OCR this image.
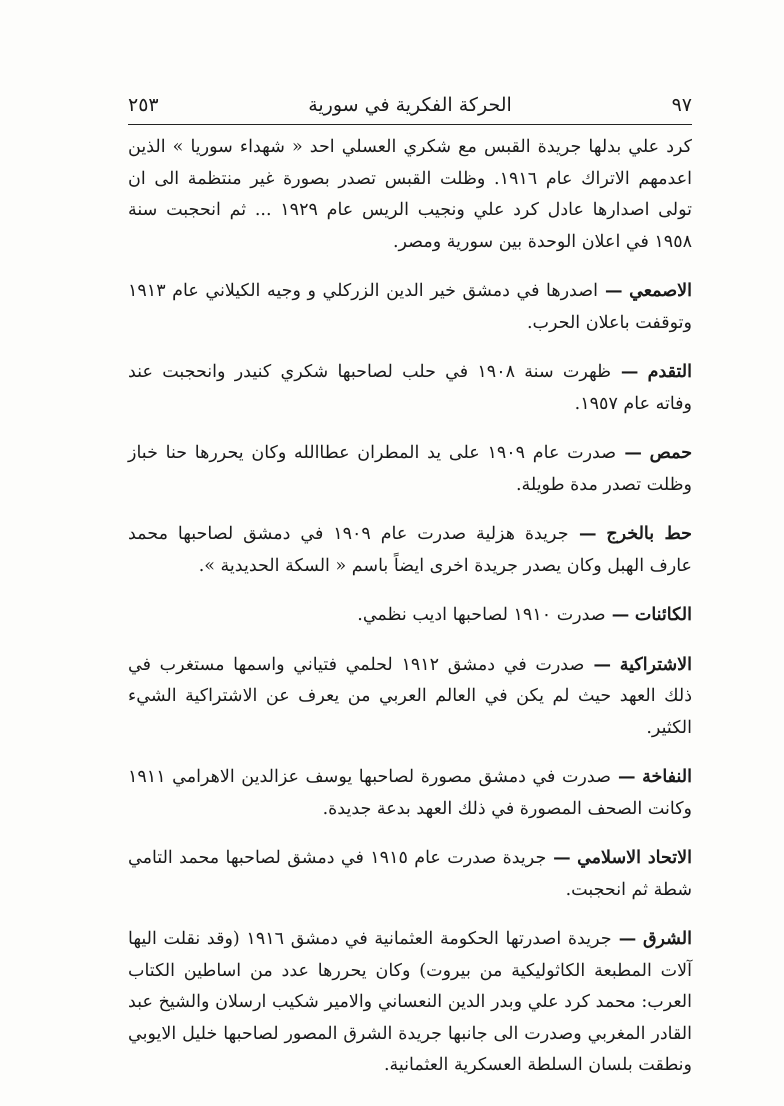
٢٥٣	الحركة الفكرية في سورية	٩٧

كرد علي بدلها جريدة القبس مع شكري العسلي احد « شهداء سوريا » الذين اعدمهم الاتراك عام ١٩١٦. وظلت القبس تصدر بصورة غير منتظمة الى ان تولى اصدارها عادل كرد علي ونجيب الريس عام ١٩٢٩ ... ثم انحجبت سنة ١٩٥٨ في اعلان الوحدة بين سورية ومصر.

الاصمعي — اصدرها في دمشق خير الدين الزركلي و وجيه الكيلاني عام ١٩١٣ وتوقفت باعلان الحرب.

التقدم — ظهرت سنة ١٩٠٨ في حلب لصاحبها شكري كنيدر وانحجبت عند وفاته عام ١٩٥٧.

حمص — صدرت عام ١٩٠٩ على يد المطران عطاالله وكان يحررها حنا خباز وظلت تصدر مدة طويلة.

حط بالخرج — جريدة هزلية صدرت عام ١٩٠٩ في دمشق لصاحبها محمد عارف الهبل وكان يصدر جريدة اخرى ايضاً باسم « السكة الحديدية ».

الكائنات — صدرت ١٩١٠ لصاحبها اديب نظمي.

الاشتراكية — صدرت في دمشق ١٩١٢ لحلمي فتياني واسمها مستغرب في ذلك العهد حيث لم يكن في العالم العربي من يعرف عن الاشتراكية الشيء الكثير.

النفاخة — صدرت في دمشق مصورة لصاحبها يوسف عزالدين الاهرامي ١٩١١ وكانت الصحف المصورة في ذلك العهد بدعة جديدة.

الاتحاد الاسلامي — جريدة صدرت عام ١٩١٥ في دمشق لصاحبها محمد التامي شطة ثم انحجبت.

الشرق — جريدة اصدرتها الحكومة العثمانية في دمشق ١٩١٦ (وقد نقلت اليها آلات المطبعة الكاثوليكية من بيروت) وكان يحررها عدد من اساطين الكتاب العرب: محمد كرد علي وبدر الدين النعساني والامير شكيب ارسلان والشيخ عبد القادر المغربي وصدرت الى جانبها جريدة الشرق المصور لصاحبها خليل الايوبي ونطقت بلسان السلطة العسكرية العثمانية.
